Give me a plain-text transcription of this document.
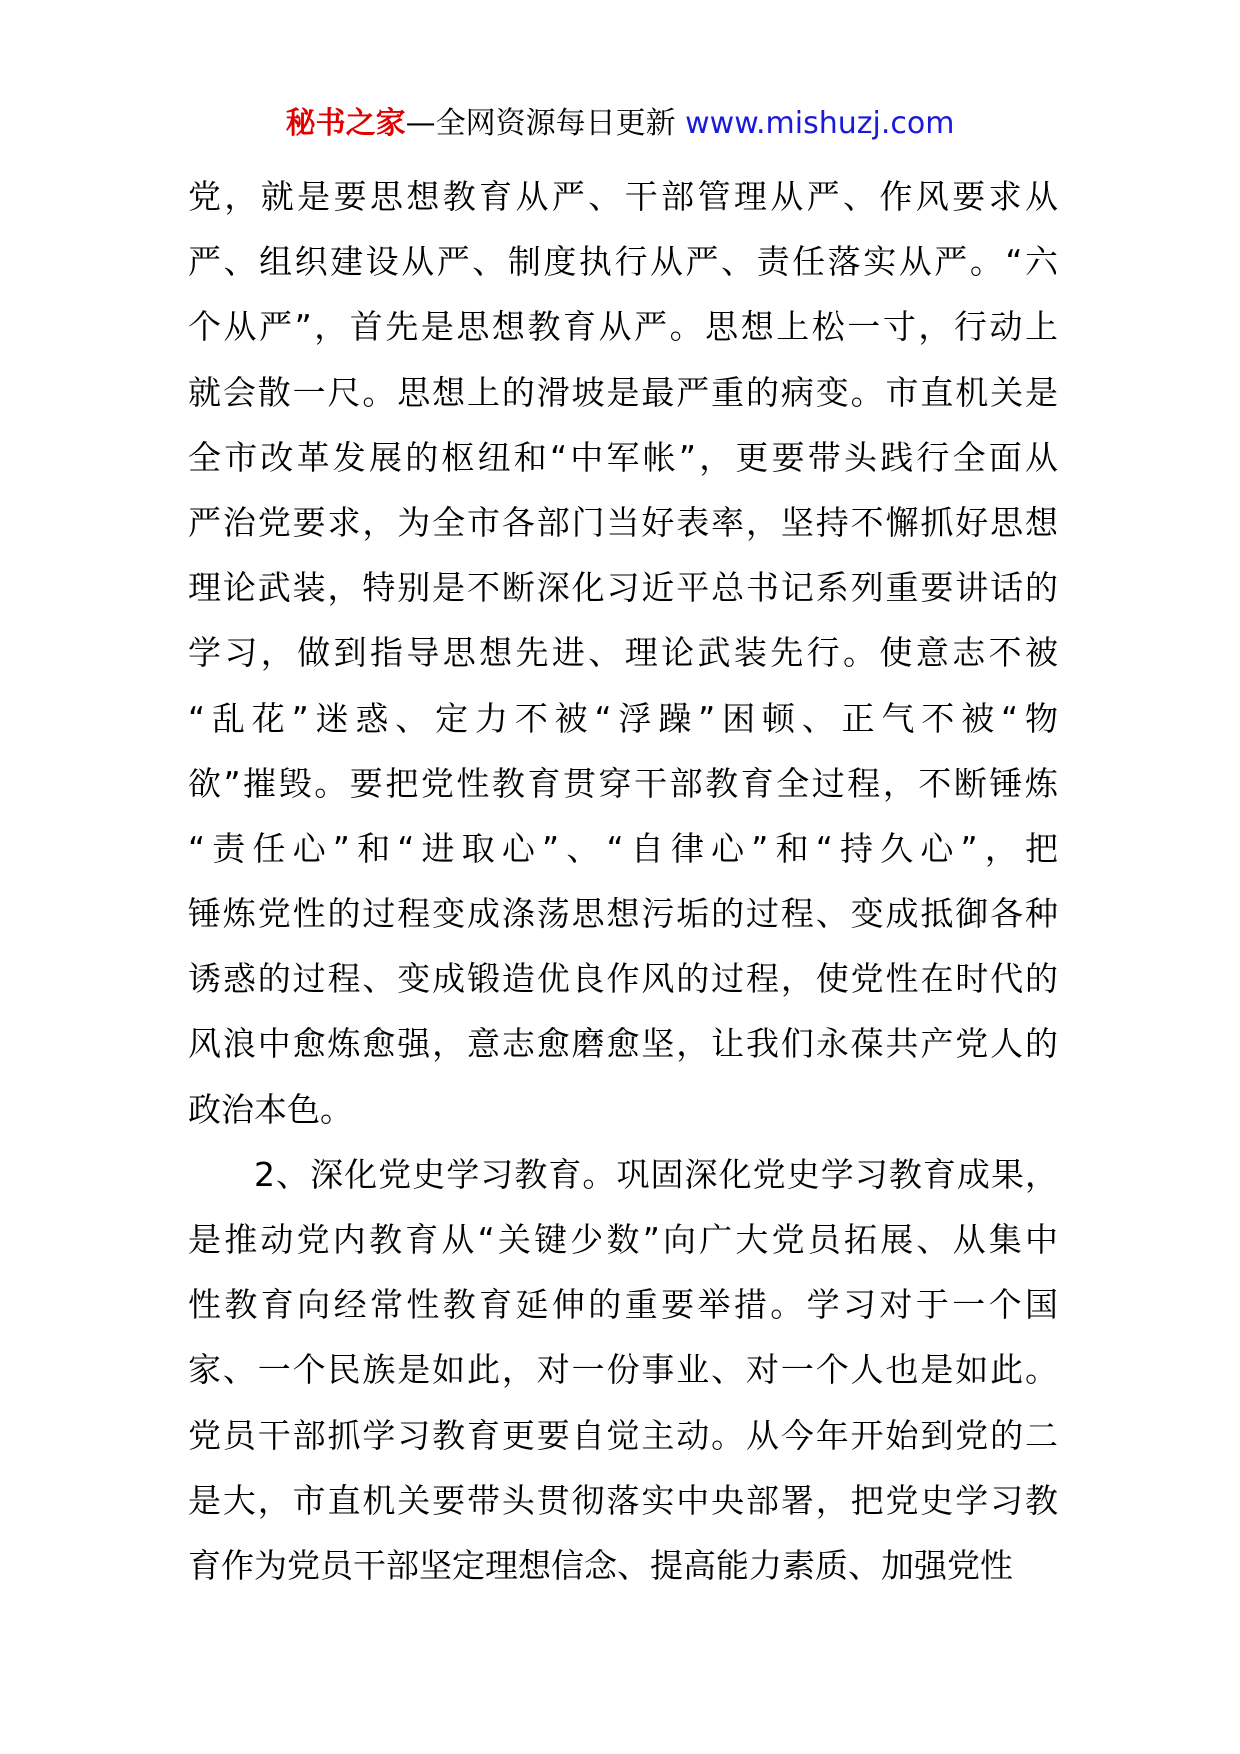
秘书之家—全网资源每日更新 www.mishuzj.com
党，就是要思想教育从严、干部管理从严、作风要求从
严、组织建设从严、制度执行从严、责任落实从严。“六
个从严”，首先是思想教育从严。思想上松一寸，行动上
就会散一尺。思想上的滑坡是最严重的病变。市直机关是
全市改革发展的枢纽和“中军帐”，更要带头践行全面从
严治党要求，为全市各部门当好表率，坚持不懈抓好思想
理论武装，特别是不断深化习近平总书记系列重要讲话的
学习，做到指导思想先进、理论武装先行。使意志不被
“乱花”迷惑、定力不被“浮躁”困顿、正气不被“物
欲”摧毁。要把党性教育贯穿干部教育全过程，不断锤炼
“责任心”和“进取心”、“自律心”和“持久心”，把
锤炼党性的过程变成涤荡思想污垢的过程、变成抵御各种
诱惑的过程、变成锻造优良作风的过程，使党性在时代的
风浪中愈炼愈强，意志愈磨愈坚，让我们永葆共产党人的
政治本色。
2、深化党史学习教育。巩固深化党史学习教育成果，
是推动党内教育从“关键少数”向广大党员拓展、从集中
性教育向经常性教育延伸的重要举措。学习对于一个国
家、一个民族是如此，对一份事业、对一个人也是如此。
党员干部抓学习教育更要自觉主动。从今年开始到党的二
是大，市直机关要带头贯彻落实中央部署，把党史学习教
育作为党员干部坚定理想信念、提高能力素质、加强党性
